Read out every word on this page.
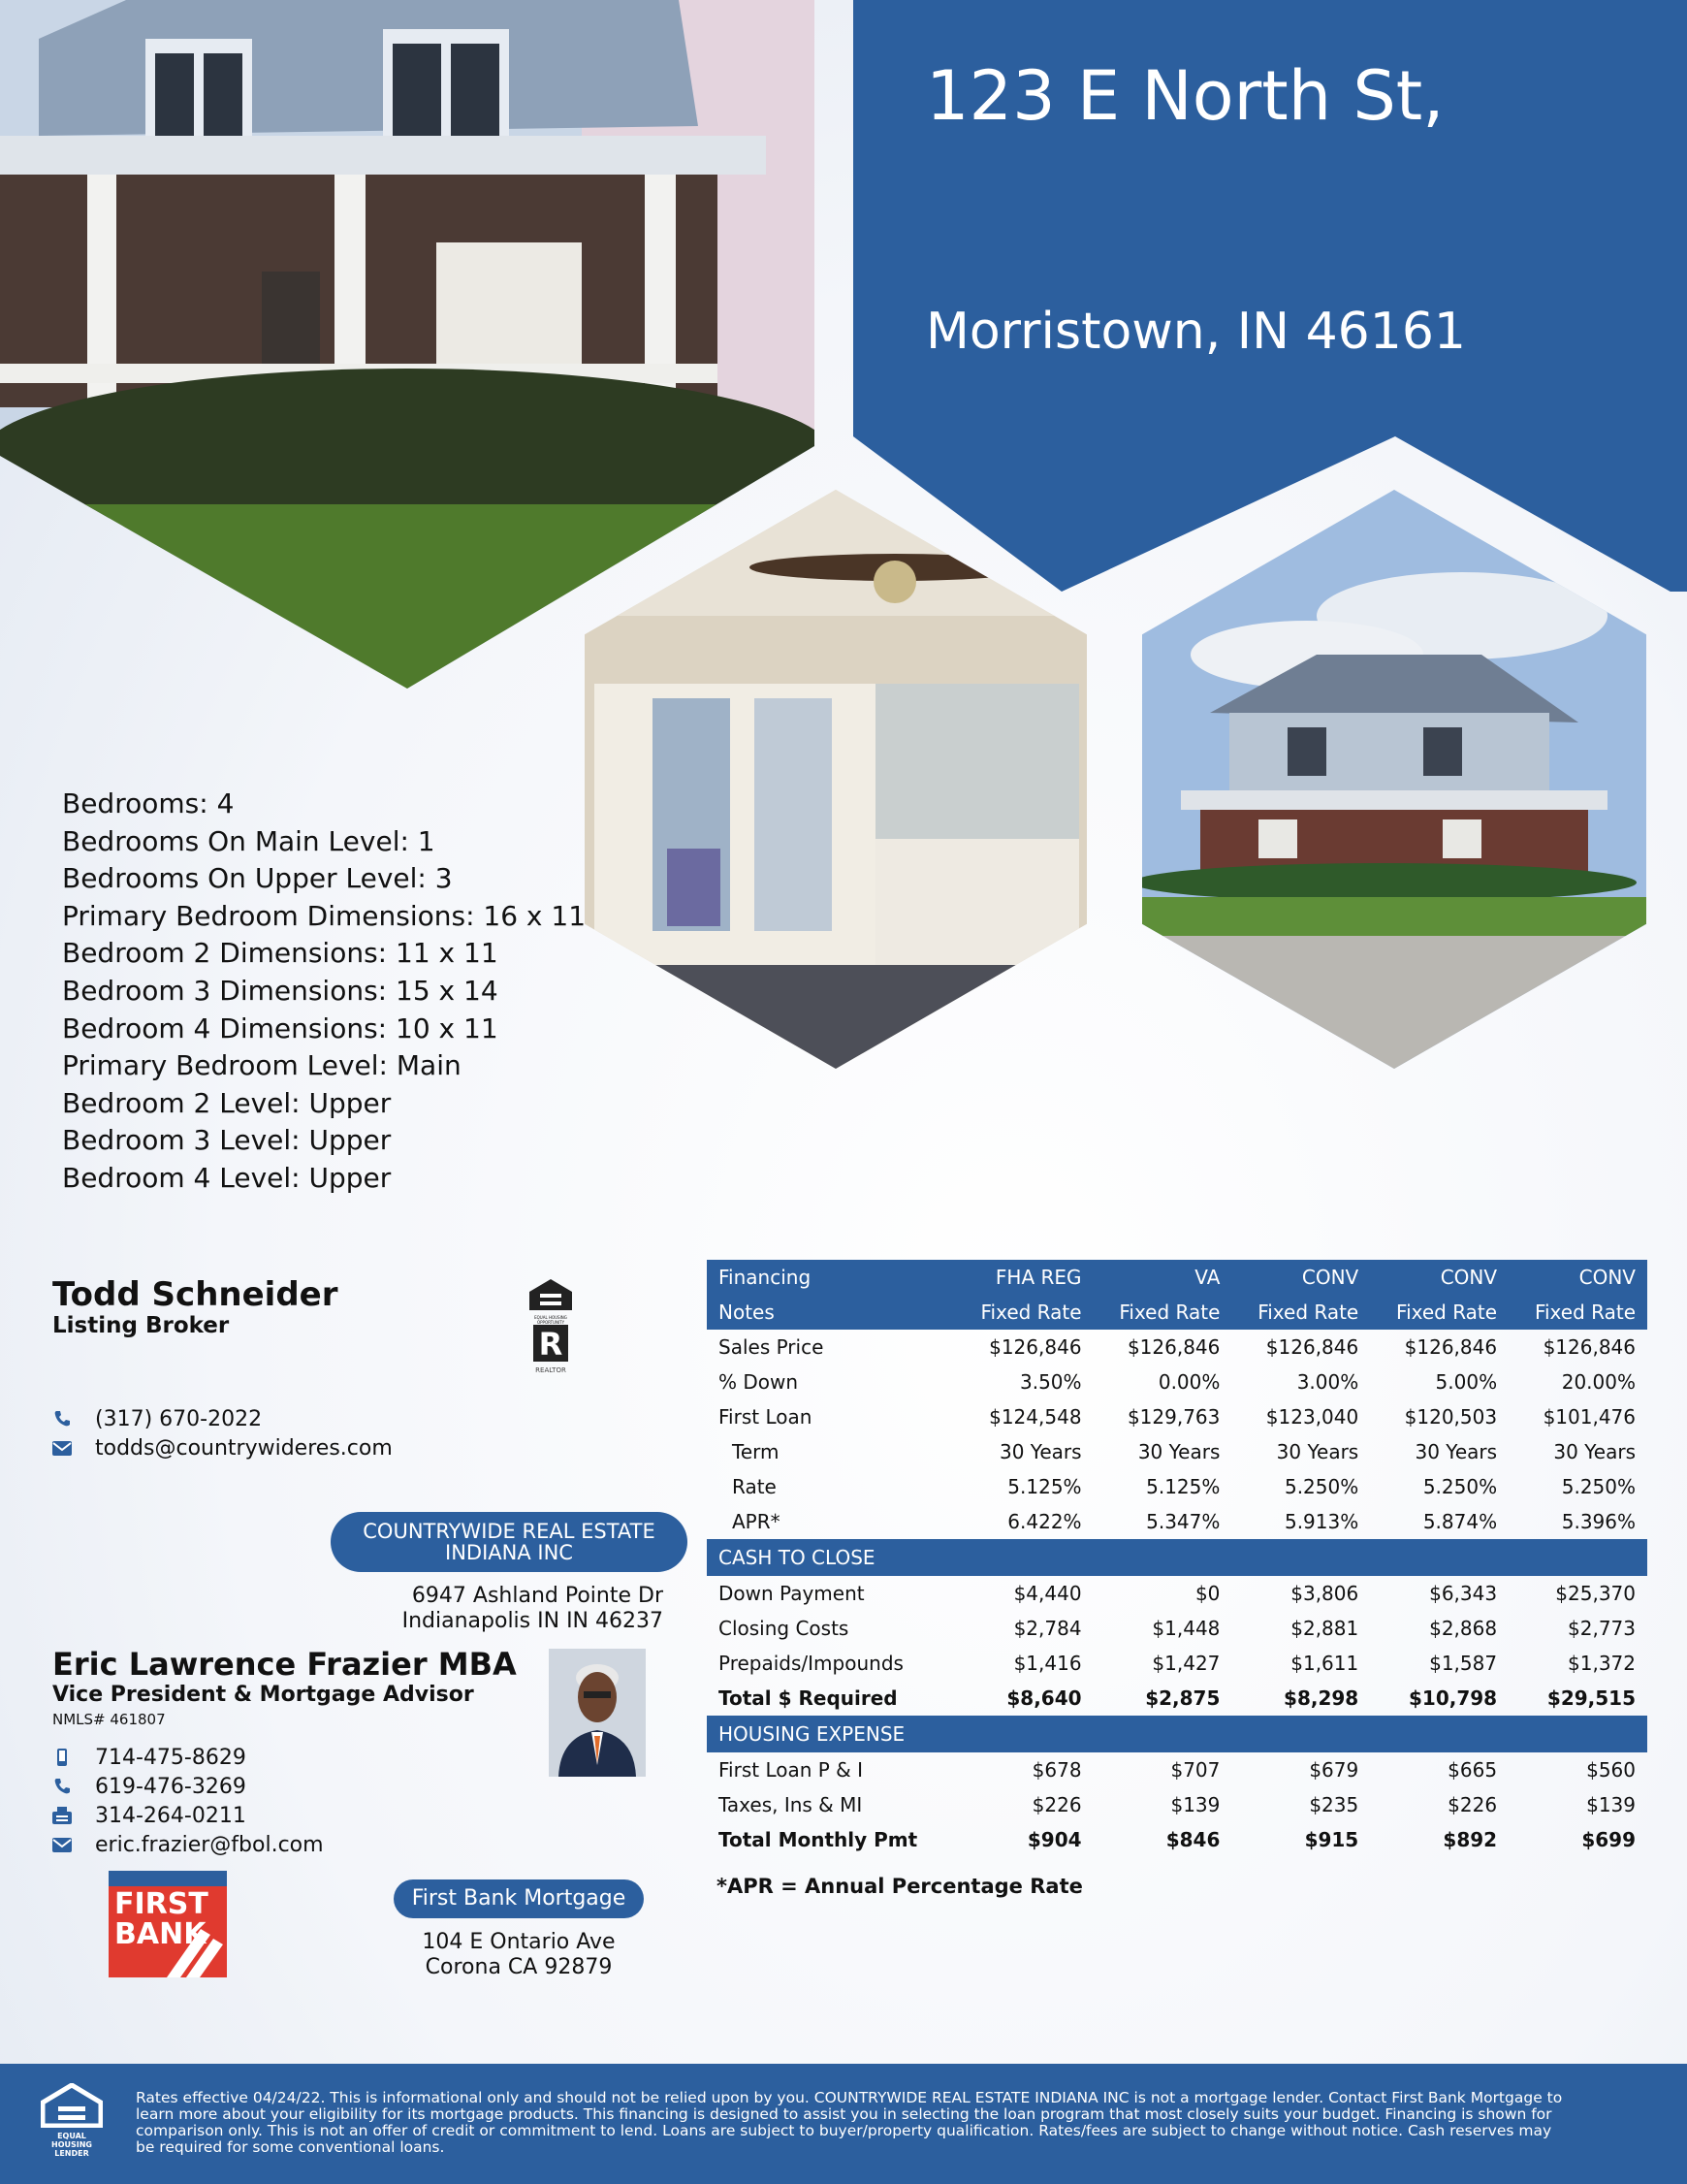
123 E North St,
Morristown, IN 46161
Bedrooms: 4
Bedrooms On Main Level: 1
Bedrooms On Upper Level: 3
Primary Bedroom Dimensions: 16 x 11
Bedroom 2 Dimensions: 11 x 11
Bedroom 3 Dimensions: 15 x 14
Bedroom 4 Dimensions: 10 x 11
Primary Bedroom Level: Main
Bedroom 2 Level: Upper
Bedroom 3 Level: Upper
Bedroom 4 Level: Upper
Todd Schneider
Listing Broker	EQUAL HOUSING OPPORTUNITY
R
REALTOR
(317) 670-2022
todds@countrywideres.com
COUNTRYWIDE REAL ESTATE
INDIANA INC
6947 Ashland Pointe Dr
Indianapolis IN IN 46237
Eric Lawrence Frazier MBA
Vice President & Mortgage Advisor
NMLS# 461807
714-475-8629
619-476-3269
314-264-0211
eric.frazier@fbol.com
FIRST
BANK
First Bank Mortgage
104 E Ontario Ave
Corona CA 92879
Financing	FHA REG	VA	CONV	CONV	CONV
Notes	Fixed Rate	Fixed Rate	Fixed Rate	Fixed Rate	Fixed Rate
Sales Price	$126,846	$126,846	$126,846	$126,846	$126,846
% Down	3.50%	0.00%	3.00%	5.00%	20.00%
First Loan	$124,548	$129,763	$123,040	$120,503	$101,476
Term	30 Years	30 Years	30 Years	30 Years	30 Years
Rate	5.125%	5.125%	5.250%	5.250%	5.250%
APR*	6.422%	5.347%	5.913%	5.874%	5.396%
CASH TO CLOSE					
Down Payment	$4,440	$0	$3,806	$6,343	$25,370
Closing Costs	$2,784	$1,448	$2,881	$2,868	$2,773
Prepaids/Impounds	$1,416	$1,427	$1,611	$1,587	$1,372
Total $ Required	$8,640	$2,875	$8,298	$10,798	$29,515
HOUSING EXPENSE					
First Loan P & I	$678	$707	$679	$665	$560
Taxes, Ins & MI	$226	$139	$235	$226	$139
Total Monthly Pmt	$904	$846	$915	$892	$699
*APR = Annual Percentage Rate
EQUAL HOUSING LENDER
Rates effective 04/24/22. This is informational only and should not be relied upon by you. COUNTRYWIDE REAL ESTATE INDIANA INC is not a mortgage lender. Contact First Bank Mortgage to learn more about your eligibility for its mortgage products. This financing is designed to assist you in selecting the loan program that most closely suits your budget. Financing is shown for comparison only. This is not an offer of credit or commitment to lend. Loans are subject to buyer/property qualification. Rates/fees are subject to change without notice. Cash reserves may be required for some conventional loans.
